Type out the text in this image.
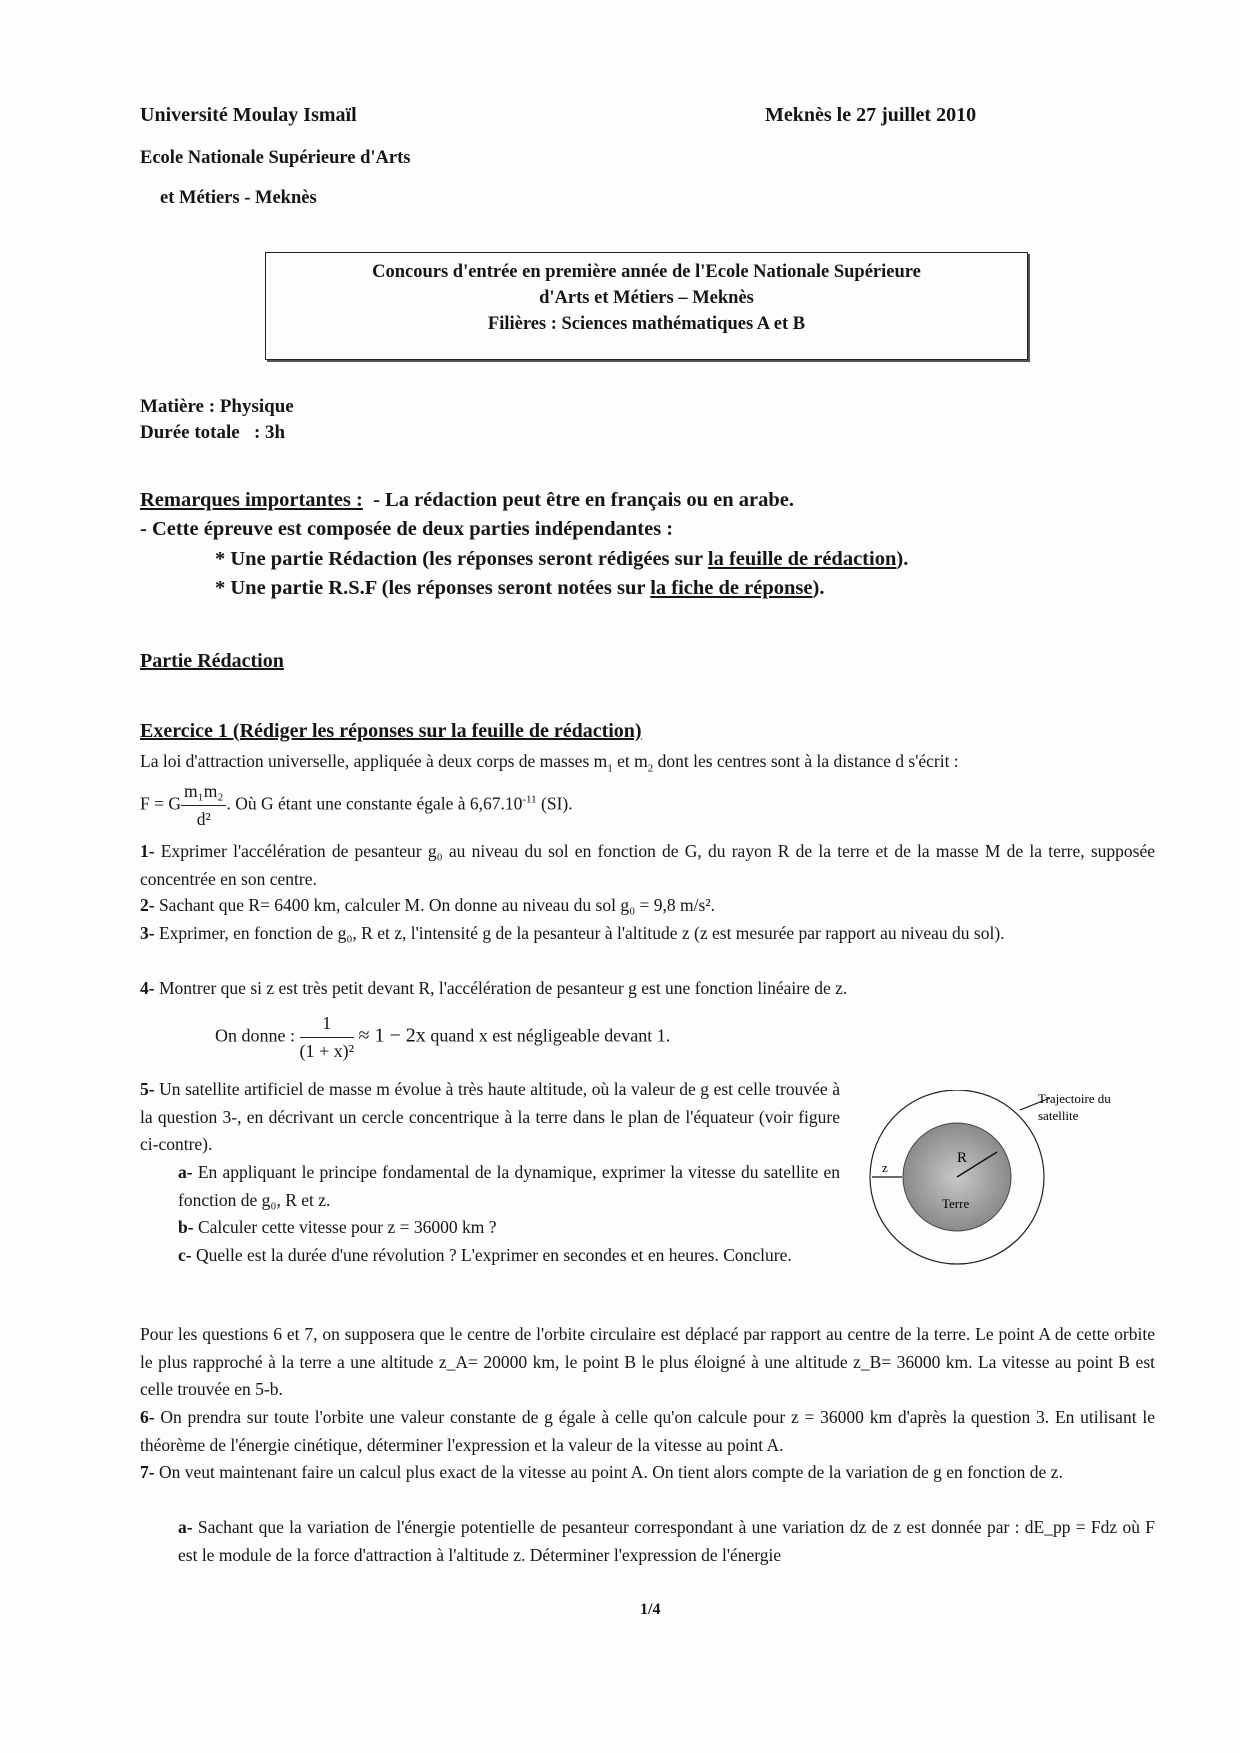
Université Moulay Ismaïl	Meknès le 27 juillet 2010
Ecole Nationale Supérieure d'Arts
et Métiers - Meknès
Concours d'entrée en première année de l'Ecole Nationale Supérieure
d'Arts et Métiers – Meknès
Filières : Sciences mathématiques A et B
Matière : Physique
Durée totale   : 3h
Remarques importantes :  - La rédaction peut être en français ou en arabe.
- Cette épreuve est composée de deux parties indépendantes :
* Une partie Rédaction (les réponses seront rédigées sur la feuille de rédaction).
* Une partie R.S.F (les réponses seront notées sur la fiche de réponse).
Partie Rédaction
Exercice 1 (Rédiger les réponses sur la feuille de rédaction)
La loi d'attraction universelle, appliquée à deux corps de masses $m_1$ et $m_2$ dont les centres sont à la distance d s'écrit :
F = G $\frac{\text{m₁m₂}}{\text{d²}}$ . Où G étant une constante égale à $6,67.10^{-11}$ (SI).
1- Exprimer l'accélération de pesanteur g₀ au niveau du sol en fonction de G, du rayon R de la terre et de la masse M de la terre, supposée concentrée en son centre.
2- Sachant que R= 6400 km, calculer M. On donne au niveau du sol g₀ = 9,8 m/s².
3- Exprimer, en fonction de g₀, R et z, l'intensité g de la pesanteur à l'altitude z (z est mesurée par rapport au niveau du sol).
4- Montrer que si z est très petit devant R, l'accélération de pesanteur g est une fonction linéaire de z.
On donne : $\frac{1}{\text{(1 + x)²}} \approx 1 - 2x$ quand x est négligeable devant 1.
5- Un satellite artificiel de masse m évolue à très haute altitude, où la valeur de g est celle trouvée à la question 3-, en décrivant un cercle concentrique à la terre dans le plan de l'équateur (voir figure ci-contre).
a- En appliquant le principe fondamental de la dynamique, exprimer la vitesse du satellite en fonction de g₀, R et z.
b- Calculer cette vitesse pour z = 36000 km ?
c- Quelle est la durée d'une révolution ? L'exprimer en secondes et en heures. Conclure.
R
z
Terre
Trajectoire du
satellite
Pour les questions 6 et 7, on supposera que le centre de l'orbite circulaire est déplacé par rapport au centre de la terre. Le point A de cette orbite le plus rapproché à la terre a une altitude z_A= 20000 km, le point B le plus éloigné à une altitude z_B= 36000 km. La vitesse au point B est celle trouvée en 5-b.
6- On prendra sur toute l'orbite une valeur constante de g égale à celle qu'on calcule pour z = 36000 km d'après la question 3. En utilisant le théorème de l'énergie cinétique, déterminer l'expression et la valeur de la vitesse au point A.
7- On veut maintenant faire un calcul plus exact de la vitesse au point A. On tient alors compte de la variation de g en fonction de z.
a- Sachant que la variation de l'énergie potentielle de pesanteur correspondant à une variation dz de z est donnée par : dE_pp = Fdz où F est le module de la force d'attraction à l'altitude z. Déterminer l'expression de l'énergie
1/4
